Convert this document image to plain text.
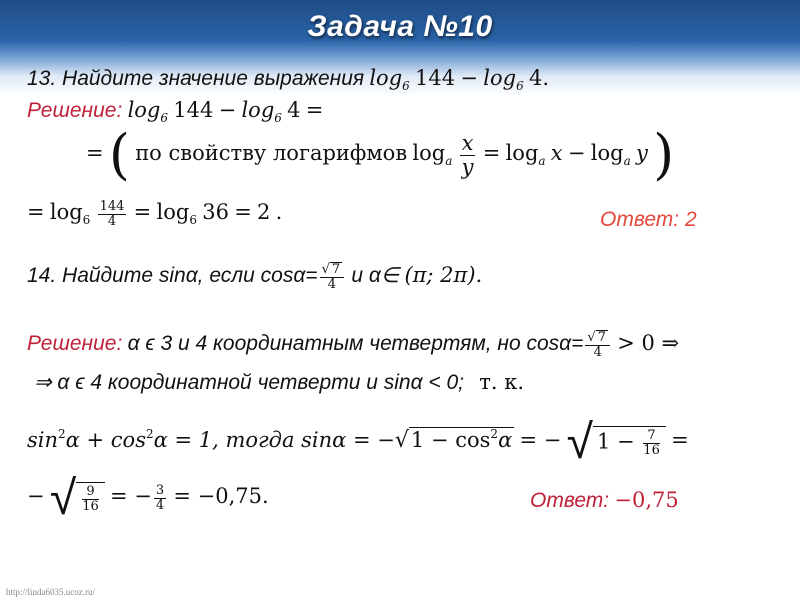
Задача №10
13. Найдите значение выражения $\log_6 144 - \log_6 4$.
Решение: $\log_6 144 - \log_6 4$ =
= ( по свойству логарифмов $\log_a \frac{x}{y} = \log_a x - \log_a y$ )
= $\log_6 \frac{144}{4} = \log_6 36 = 2$ .	Ответ: 2
14. Найдите sinα, если $\cos\alpha= \frac{√ 7}{4}$ и α∈ (π; 2π).
Решение: α ϵ 3 и 4 координатным четвертям, но $\cos\alpha= \frac{√ 7}{4} > 0$ ⇒
⇒ α ϵ 4 координатной четверти и sinα < 0; т. к.
$\sin^2\alpha + \cos^2\alpha = 1$, тогда $\sin\alpha = -√1 - \cos^2\alpha$ = − √ $1 - \frac{7}{16}$ =
− √ $\frac{9}{16}$ = − $\frac{3}{4} = -0,75$.	Ответ: −0,75
http://linda6035.ucoz.ru/
